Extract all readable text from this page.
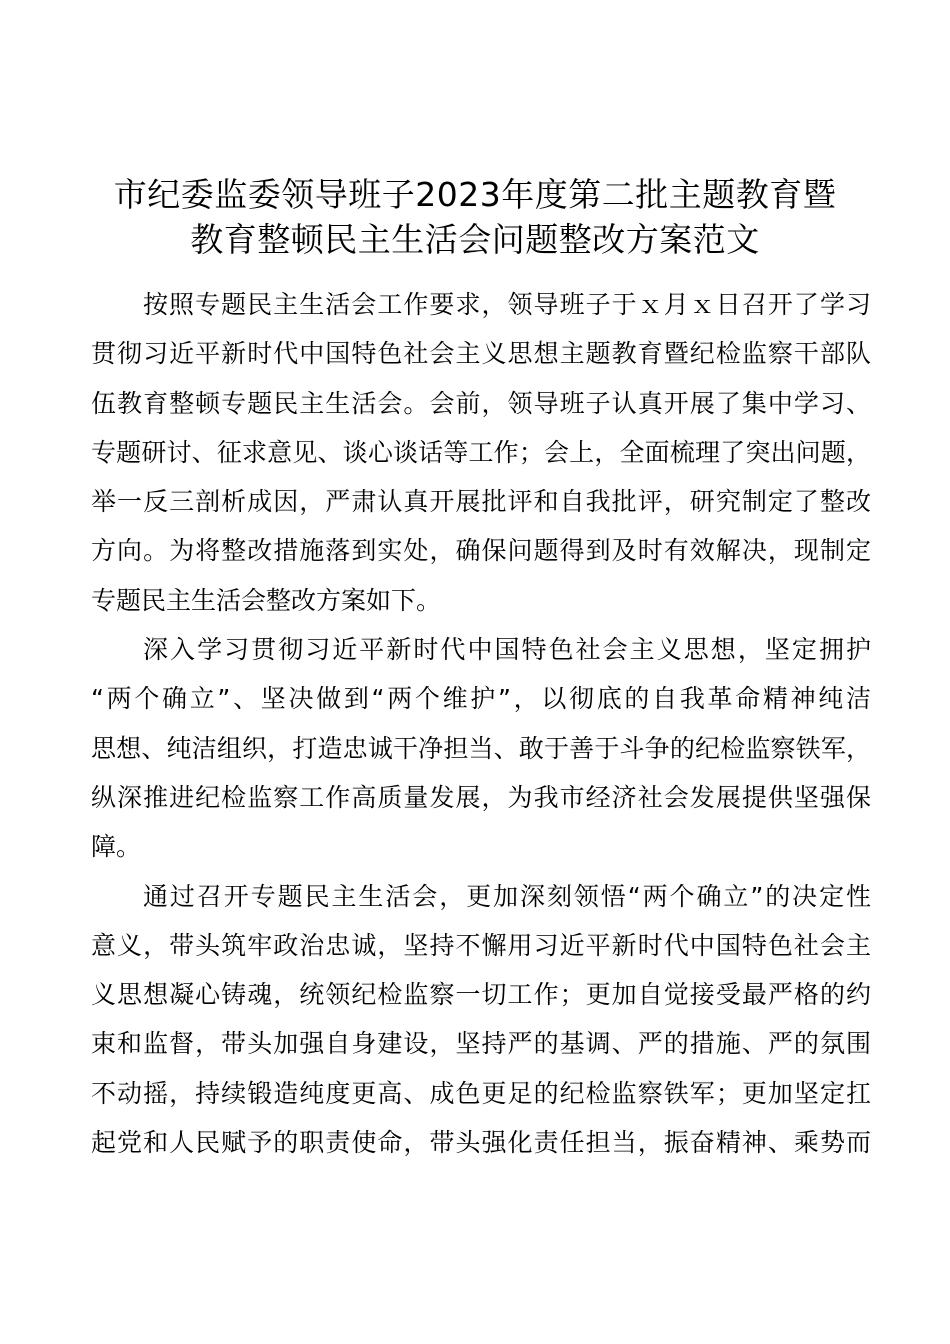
市纪委监委领导班子2023年度第二批主题教育暨
教育整顿民主生活会问题整改方案范文
按照专题民主生活会工作要求，领导班子于ｘ月ｘ日召开了学习
贯彻习近平新时代中国特色社会主义思想主题教育暨纪检监察干部队
伍教育整顿专题民主生活会。会前，领导班子认真开展了集中学习、
专题研讨、征求意见、谈心谈话等工作；会上，全面梳理了突出问题，
举一反三剖析成因，严肃认真开展批评和自我批评，研究制定了整改
方向。为将整改措施落到实处，确保问题得到及时有效解决，现制定
专题民主生活会整改方案如下。
深入学习贯彻习近平新时代中国特色社会主义思想，坚定拥护
“两个确立”、坚决做到“两个维护”，以彻底的自我革命精神纯洁
思想、纯洁组织，打造忠诚干净担当、敢于善于斗争的纪检监察铁军，
纵深推进纪检监察工作高质量发展，为我市经济社会发展提供坚强保
障。
通过召开专题民主生活会，更加深刻领悟“两个确立”的决定性
意义，带头筑牢政治忠诚，坚持不懈用习近平新时代中国特色社会主
义思想凝心铸魂，统领纪检监察一切工作；更加自觉接受最严格的约
束和监督，带头加强自身建设，坚持严的基调、严的措施、严的氛围
不动摇，持续锻造纯度更高、成色更足的纪检监察铁军；更加坚定扛
起党和人民赋予的职责使命，带头强化责任担当，振奋精神、乘势而
